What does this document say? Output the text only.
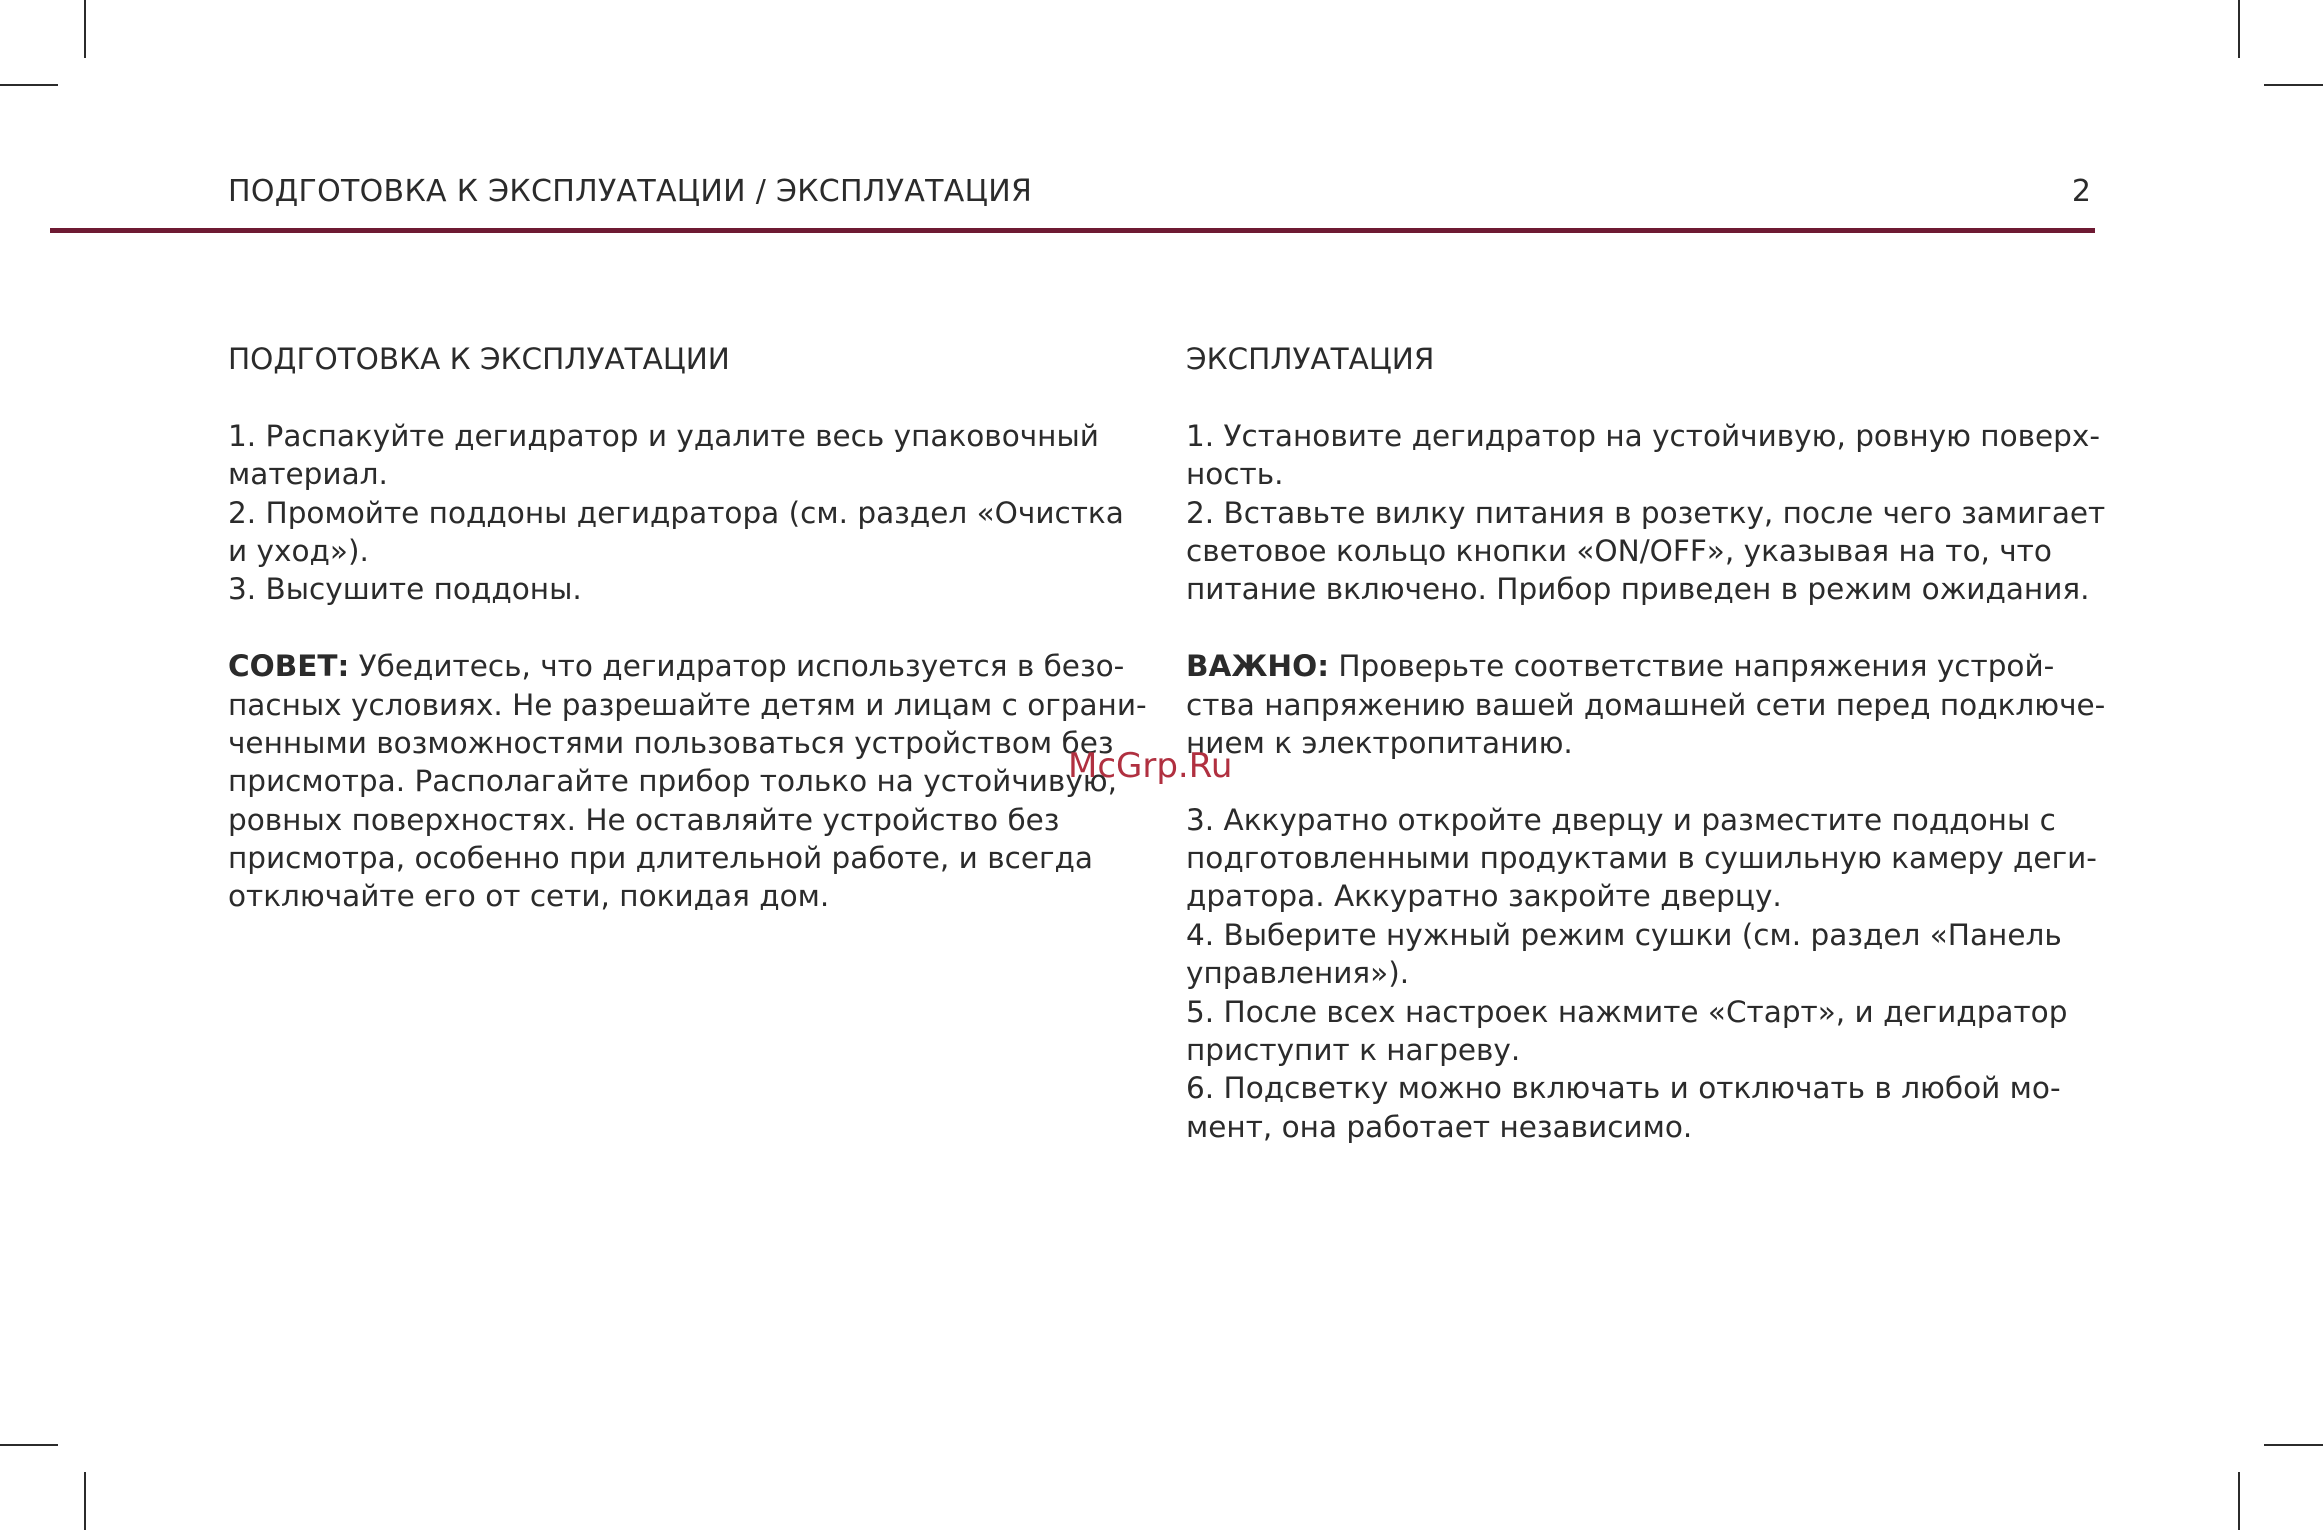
ПОДГОТОВКА К ЭКСПЛУАТАЦИИ / ЭКСПЛУАТАЦИЯ	2
ПОДГОТОВКА К ЭКСПЛУАТАЦИИ
1. Распакуйте дегидратор и удалите весь упаковочный
материал.
2. Промойте поддоны дегидратора (см. раздел «Очистка
и уход»).
3. Высушите поддоны.
СОВЕТ: Убедитесь, что дегидратор используется в безо-
пасных условиях. Не разрешайте детям и лицам с ограни-
ченными возможностями пользоваться устройством без
присмотра. Располагайте прибор только на устойчивую,
ровных поверхностях. Не оставляйте устройство без
присмотра, особенно при длительной работе, и всегда
отключайте его от сети, покидая дом.
ЭКСПЛУАТАЦИЯ
1. Установите дегидратор на устойчивую, ровную поверх-
ность.
2. Вставьте вилку питания в розетку, после чего замигает
световое кольцо кнопки «ON/OFF», указывая на то, что
питание включено. Прибор приведен в режим ожидания.
ВАЖНО: Проверьте соответствие напряжения устрой-
ства напряжению вашей домашней сети перед подключе-
нием к электропитанию.
3. Аккуратно откройте дверцу и разместите поддоны с
подготовленными продуктами в сушильную камеру деги-
дратора. Аккуратно закройте дверцу.
4. Выберите нужный режим сушки (см. раздел «Панель
управления»).
5. После всех настроек нажмите «Старт», и дегидратор
приступит к нагреву.
6. Подсветку можно включать и отключать в любой мо-
мент, она работает независимо.
McGrp.Ru
